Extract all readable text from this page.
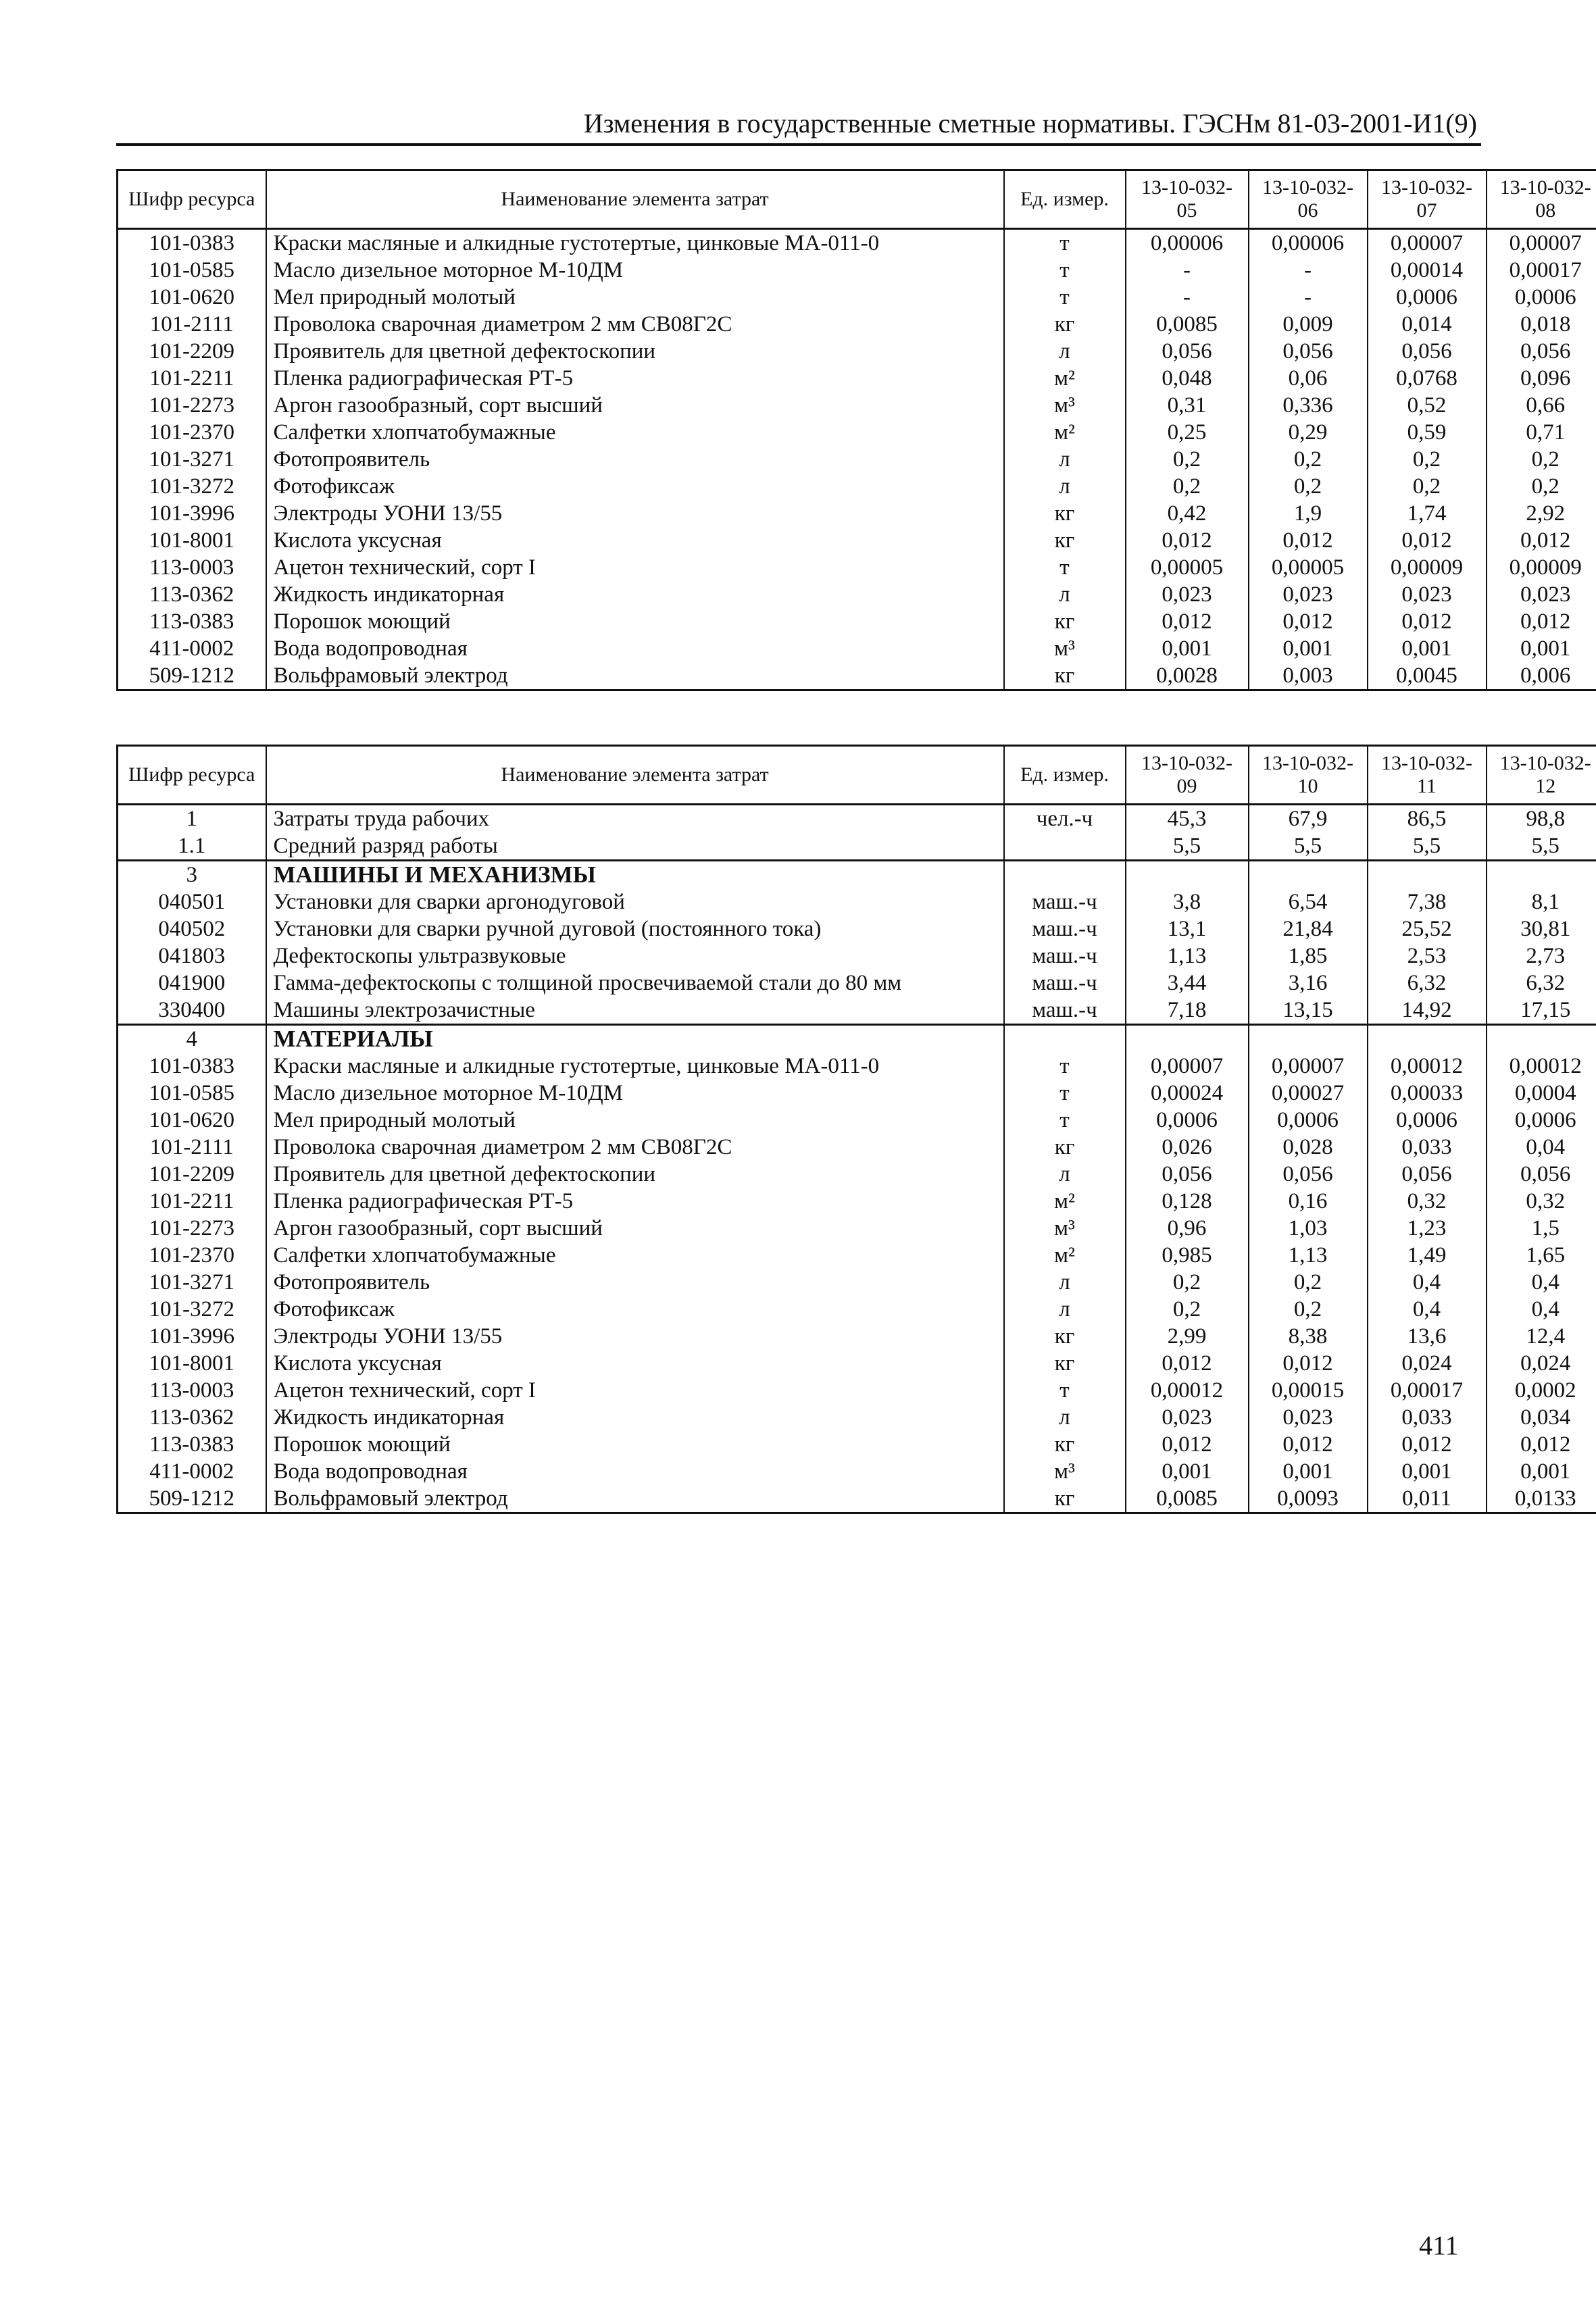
Изменения в государственные сметные нормативы. ГЭСНм 81-03-2001-И1(9)
Шифр ресурса	Наименование элемента затрат	Ед. измер.	13-10-032-05	13-10-032-06	13-10-032-07	13-10-032-08
101-0383	Краски масляные и алкидные густотертые, цинковые МА-011-0	т	0,00006	0,00006	0,00007	0,00007
101-0585	Масло дизельное моторное М-10ДМ	т	-	-	0,00014	0,00017
101-0620	Мел природный молотый	т	-	-	0,0006	0,0006
101-2111	Проволока сварочная диаметром 2 мм СВ08Г2С	кг	0,0085	0,009	0,014	0,018
101-2209	Проявитель для цветной дефектоскопии	л	0,056	0,056	0,056	0,056
101-2211	Пленка радиографическая РТ-5	м²	0,048	0,06	0,0768	0,096
101-2273	Аргон газообразный, сорт высший	м³	0,31	0,336	0,52	0,66
101-2370	Салфетки хлопчатобумажные	м²	0,25	0,29	0,59	0,71
101-3271	Фотопроявитель	л	0,2	0,2	0,2	0,2
101-3272	Фотофиксаж	л	0,2	0,2	0,2	0,2
101-3996	Электроды УОНИ 13/55	кг	0,42	1,9	1,74	2,92
101-8001	Кислота уксусная	кг	0,012	0,012	0,012	0,012
113-0003	Ацетон технический, сорт I	т	0,00005	0,00005	0,00009	0,00009
113-0362	Жидкость индикаторная	л	0,023	0,023	0,023	0,023
113-0383	Порошок моющий	кг	0,012	0,012	0,012	0,012
411-0002	Вода водопроводная	м³	0,001	0,001	0,001	0,001
509-1212	Вольфрамовый электрод	кг	0,0028	0,003	0,0045	0,006
Шифр ресурса	Наименование элемента затрат	Ед. измер.	13-10-032-09	13-10-032-10	13-10-032-11	13-10-032-12
1	Затраты труда рабочих	чел.-ч	45,3	67,9	86,5	98,8
1.1	Средний разряд работы		5,5	5,5	5,5	5,5
3	МАШИНЫ И МЕХАНИЗМЫ					
040501	Установки для сварки аргонодуговой	маш.-ч	3,8	6,54	7,38	8,1
040502	Установки для сварки ручной дуговой (постоянного тока)	маш.-ч	13,1	21,84	25,52	30,81
041803	Дефектоскопы ультразвуковые	маш.-ч	1,13	1,85	2,53	2,73
041900	Гамма-дефектоскопы с толщиной просвечиваемой стали до 80 мм	маш.-ч	3,44	3,16	6,32	6,32
330400	Машины электрозачистные	маш.-ч	7,18	13,15	14,92	17,15
4	МАТЕРИАЛЫ					
101-0383	Краски масляные и алкидные густотертые, цинковые МА-011-0	т	0,00007	0,00007	0,00012	0,00012
101-0585	Масло дизельное моторное М-10ДМ	т	0,00024	0,00027	0,00033	0,0004
101-0620	Мел природный молотый	т	0,0006	0,0006	0,0006	0,0006
101-2111	Проволока сварочная диаметром 2 мм СВ08Г2С	кг	0,026	0,028	0,033	0,04
101-2209	Проявитель для цветной дефектоскопии	л	0,056	0,056	0,056	0,056
101-2211	Пленка радиографическая РТ-5	м²	0,128	0,16	0,32	0,32
101-2273	Аргон газообразный, сорт высший	м³	0,96	1,03	1,23	1,5
101-2370	Салфетки хлопчатобумажные	м²	0,985	1,13	1,49	1,65
101-3271	Фотопроявитель	л	0,2	0,2	0,4	0,4
101-3272	Фотофиксаж	л	0,2	0,2	0,4	0,4
101-3996	Электроды УОНИ 13/55	кг	2,99	8,38	13,6	12,4
101-8001	Кислота уксусная	кг	0,012	0,012	0,024	0,024
113-0003	Ацетон технический, сорт I	т	0,00012	0,00015	0,00017	0,0002
113-0362	Жидкость индикаторная	л	0,023	0,023	0,033	0,034
113-0383	Порошок моющий	кг	0,012	0,012	0,012	0,012
411-0002	Вода водопроводная	м³	0,001	0,001	0,001	0,001
509-1212	Вольфрамовый электрод	кг	0,0085	0,0093	0,011	0,0133
411
